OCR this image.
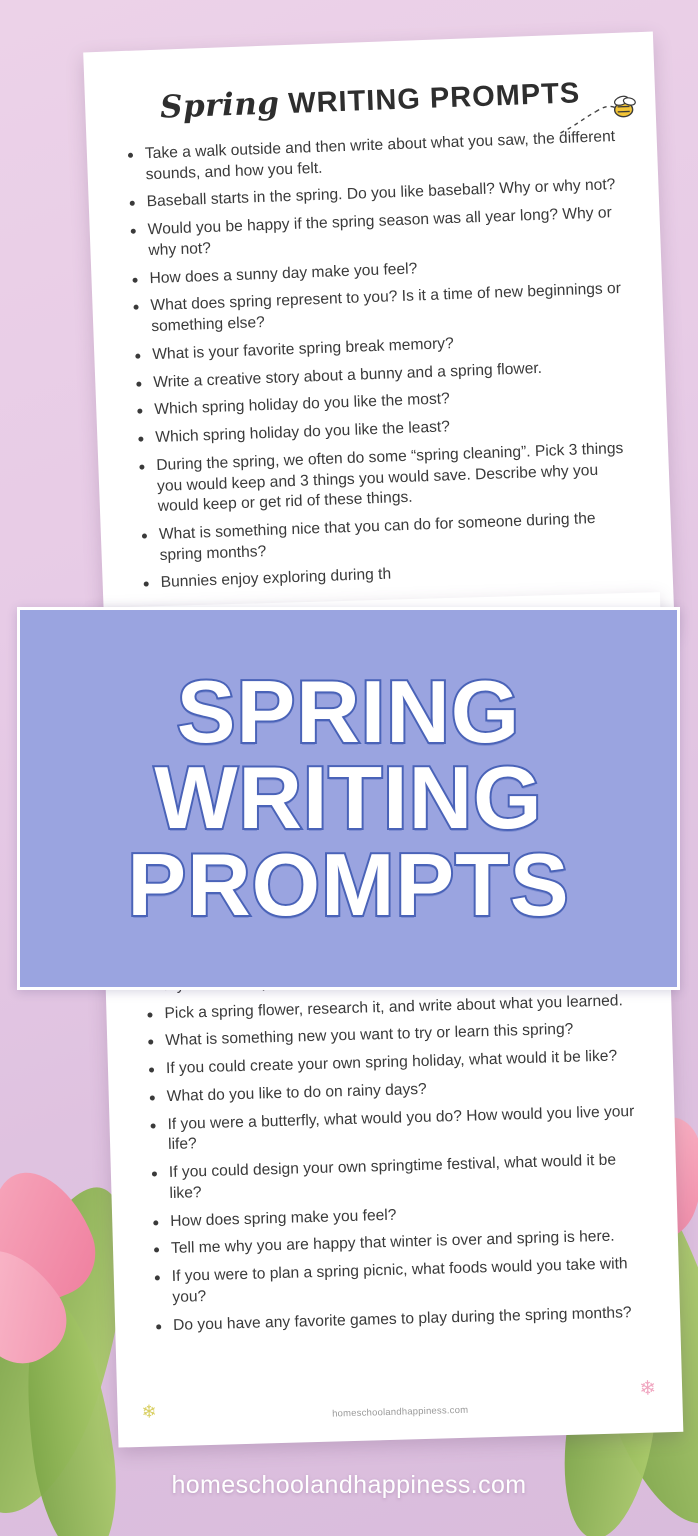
Spring WRITING PROMPTS
Take a walk outside and then write about what you saw, the different sounds, and how you felt.
Baseball starts in the spring. Do you like baseball? Why or why not?
Would you be happy if the spring season was all year long? Why or why not?
How does a sunny day make you feel?
What does spring represent to you? Is it a time of new beginnings or something else?
What is your favorite spring break memory?
Write a creative story about a bunny and a spring flower.
Which spring holiday do you like the most?
Which spring holiday do you like the least?
During the spring, we often do some “spring cleaning”. Pick 3 things you would keep and 3 things you would save. Describe why you would keep or get rid of these things.
What is something nice that you can do for someone during the spring months?
Bunnies enjoy exploring during th
Pick a spring flower, research it, and write about what you learned.
What is something new you want to try or learn this spring?
If you could create your own spring holiday, what would it be like?
What do you like to do on rainy days?
If you were a butterfly, what would you do? How would you live your life?
If you could design your own springtime festival, what would it be like?
How does spring make you feel?
Tell me why you are happy that winter is over and spring is here.
If you were to plan a spring picnic, what foods would you take with you?
Do you have any favorite games to play during the spring months?
❄
❄
homeschoolandhappiness.com
SPRING
WRITING
PROMPTS
homeschoolandhappiness.com
